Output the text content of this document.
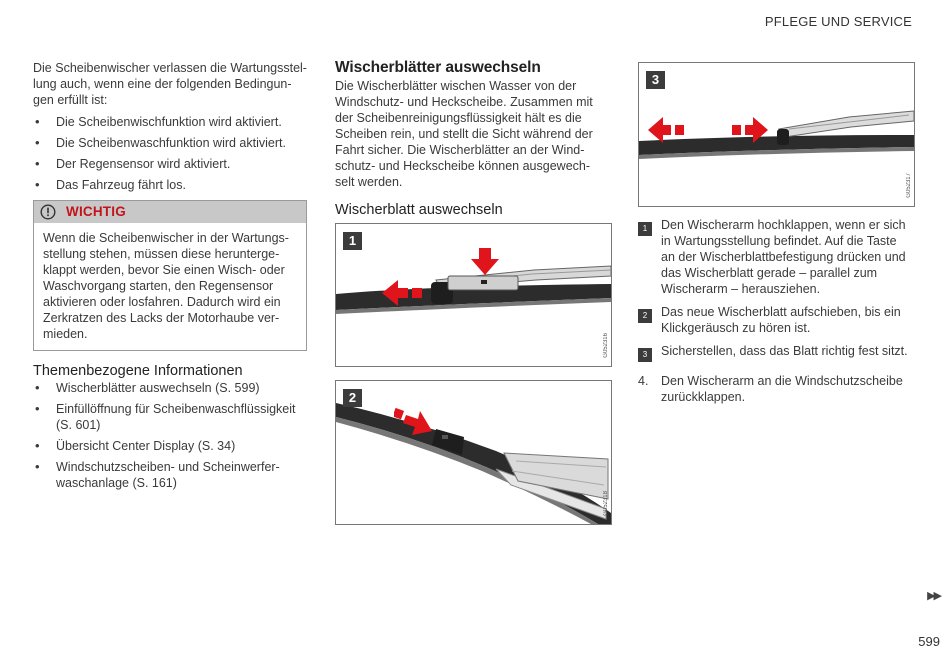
PFLEGE UND SERVICE

Die Scheibenwischer verlassen die Wartungsstel-lung auch, wenn eine der folgenden Bedingun-gen erfüllt ist:

• Die Scheibenwischfunktion wird aktiviert.
• Die Scheibenwaschfunktion wird aktiviert.
• Der Regensensor wird aktiviert.
• Das Fahrzeug fährt los.
WICHTIG
Wenn die Scheibenwischer in der Wartungs-stellung stehen, müssen diese herunterge-klappt werden, bevor Sie einen Wisch- oder Waschvorgang starten, den Regensensor aktivieren oder losfahren. Dadurch wird ein Zerkratzen des Lacks der Motorhaube ver-mieden.
Themenbezogene Informationen
• Wischerblätter auswechseln (S. 599)
• Einfüllöffnung für Scheibenwaschflüssigkeit (S. 601)
• Übersicht Center Display (S. 34)
• Windschutzscheiben- und Scheinwerfer-waschanlage (S. 161)
Wischerblätter auswechseln

Die Wischerblätter wischen Wasser von der Windschutz- und Heckscheibe. Zusammen mit der Scheibenreinigungsflüssigkeit hält es die Scheiben rein, und stellt die Sicht während der Fahrt sicher. Die Wischerblätter an der Wind-schutz- und Heckscheibe können ausgewech-selt werden.

Wischerblatt auswechseln
1
G052316
2
G052318
3
G052317
1	Den Wischerarm hochklappen, wenn er sich in Wartungsstellung befindet. Auf die Taste an der Wischerblattbefestigung drücken und das Wischerblatt gerade – parallel zum Wischerarm – herausziehen.
2	Das neue Wischerblatt aufschieben, bis ein Klickgeräusch zu hören ist.
3	Sicherstellen, dass das Blatt richtig fest sitzt.
4. Den Wischerarm an die Windschutzscheibe zurückklappen.
▶▶
599
